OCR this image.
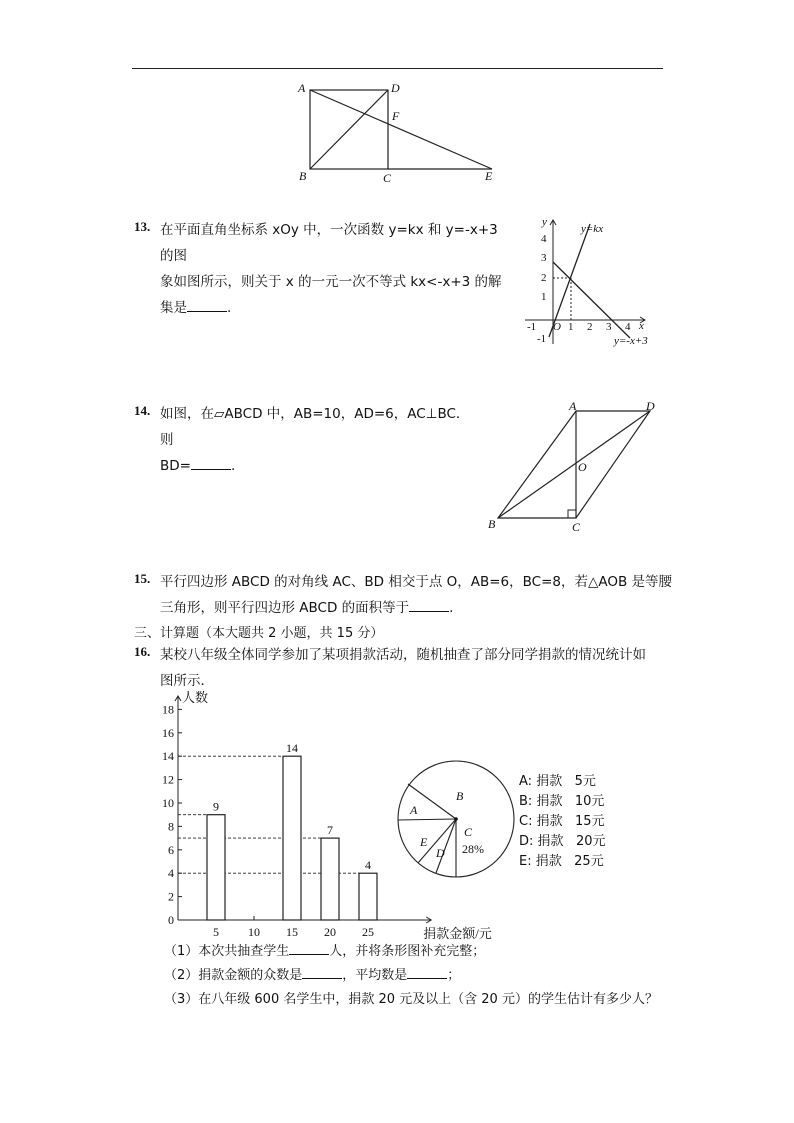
A	D
F
B	C	E
13. 在平面直角坐标系 xOy 中，一次函数 y=kx 和 y=-x+3 的图
象如图所示，则关于 x 的一元一次不等式 kx<-x+3 的解
集是	.
y
x
O
4
3
2
1
-1
-1	1 2 3 4
y=kx
y=-x+3
14. 如图，在▱ABCD 中，AB=10，AD=6，AC⊥BC．则
BD=	.
A	D
O
B	C
15. 平行四边形 ABCD 的对角线 AC、BD 相交于点 O，AB=6，BC=8，若△AOB 是等腰
三角形，则平行四边形 ABCD 的面积等于	.
三、计算题（本大题共 2 小题，共 15 分）
16. 某校八年级全体同学参加了某项捐款活动，随机抽查了部分同学捐款的情况统计如
图所示．
0
2
4
6
8
10
12
14
16
18
5 10 15 20 25
9
14
7
4
人数
捐款金额/元
A
B
C
28%
D
E
A: 捐款 5元
B: 捐款 10元
C: 捐款 15元
D: 捐款 20元
E: 捐款 25元
（1）本次共抽查学生	人，并将条形图补充完整；
（2）捐款金额的众数是	，平均数是	；
（3）在八年级 600 名学生中，捐款 20 元及以上（含 20 元）的学生估计有多少人？
